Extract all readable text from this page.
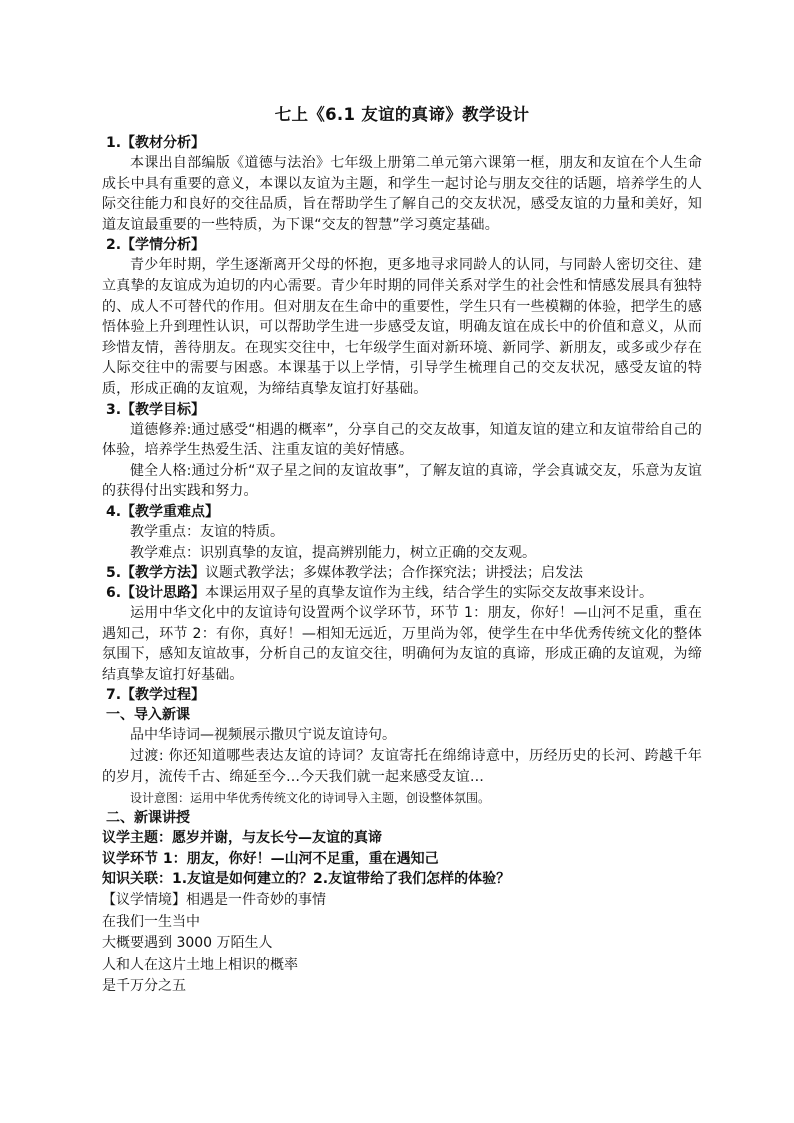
七上《6.1 友谊的真谛》教学设计

1.【教材分析】

本课出自部编版《道德与法治》七年级上册第二单元第六课第一框，朋友和友谊在个人生命成长中具有重要的意义，本课以友谊为主题，和学生一起讨论与朋友交往的话题，培养学生的人际交往能力和良好的交往品质，旨在帮助学生了解自己的交友状况，感受友谊的力量和美好，知道友谊最重要的一些特质，为下课“交友的智慧”学习奠定基础。

2.【学情分析】

青少年时期，学生逐渐离开父母的怀抱，更多地寻求同龄人的认同，与同龄人密切交往、建立真挚的友谊成为迫切的内心需要。青少年时期的同伴关系对学生的社会性和情感发展具有独特的、成人不可替代的作用。但对朋友在生命中的重要性，学生只有一些模糊的体验，把学生的感悟体验上升到理性认识，可以帮助学生进一步感受友谊，明确友谊在成长中的价值和意义，从而珍惜友情，善待朋友。在现实交往中，七年级学生面对新环境、新同学、新朋友，或多或少存在人际交往中的需要与困惑。本课基于以上学情，引导学生梳理自己的交友状况，感受友谊的特质，形成正确的友谊观，为缔结真挚友谊打好基础。

3.【教学目标】

道德修养:通过感受“相遇的概率”，分享自己的交友故事，知道友谊的建立和友谊带给自己的体验，培养学生热爱生活、注重友谊的美好情感。

健全人格:通过分析“双子星之间的友谊故事”，了解友谊的真谛，学会真诚交友，乐意为友谊的获得付出实践和努力。

4.【教学重难点】

教学重点：友谊的特质。

教学难点：识别真挚的友谊，提高辨别能力，树立正确的交友观。

5.【教学方法】议题式教学法；多媒体教学法；合作探究法；讲授法；启发法

6.【设计思路】本课运用双子星的真挚友谊作为主线，结合学生的实际交友故事来设计。

运用中华文化中的友谊诗句设置两个议学环节，环节 1：朋友，你好！—山河不足重，重在遇知己，环节 2：有你，真好！—相知无远近，万里尚为邻，使学生在中华优秀传统文化的整体氛围下，感知友谊故事，分析自己的友谊交往，明确何为友谊的真谛，形成正确的友谊观，为缔结真挚友谊打好基础。

7.【教学过程】

一、导入新课

品中华诗词—视频展示撒贝宁说友谊诗句。

过渡: 你还知道哪些表达友谊的诗词？友谊寄托在绵绵诗意中，历经历史的长河、跨越千年的岁月，流传千古、绵延至今…今天我们就一起来感受友谊…

设计意图：运用中华优秀传统文化的诗词导入主题，创设整体氛围。

二、新课讲授

议学主题：愿岁并谢，与友长兮—友谊的真谛

议学环节 1：朋友，你好！—山河不足重，重在遇知己

知识关联：1.友谊是如何建立的？2.友谊带给了我们怎样的体验？

【议学情境】相遇是一件奇妙的事情

在我们一生当中

大概要遇到 3000 万陌生人

人和人在这片土地上相识的概率

是千万分之五
